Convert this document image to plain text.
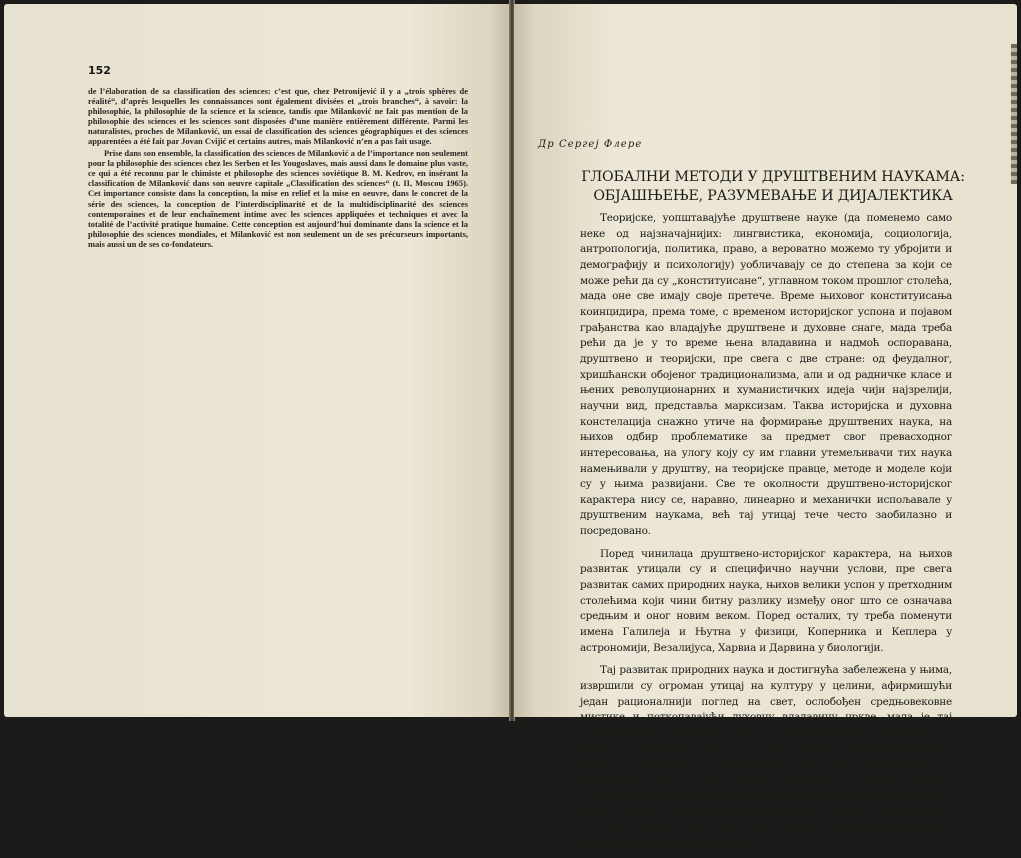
152

de l’élaboration de sa classification des sciences: c’est que, chez Petronijević il y a „trois sphères de réalité“, d’après lesquelles les connaissances sont également divisées et „trois branches“, à savoir: la philosophie, la philosophie de la science et la science, tandis que Milanković ne fait pas mention de la philosophie des sciences et les sciences sont disposées d’une manière entièrement différente. Parmi les naturalistes, proches de Milanković, un essai de classification des sciences géographiques et des sciences apparentées a été fait par Jovan Cvijić et certains autres, mais Milanković n’en a pas fait usage.

Prise dans son ensemble, la classification des sciences de Milanković a de l’importance non seulement pour la philosophie des sciences chez les Serben et les Yougoslaves, mais aussi dans le domaine plus vaste, ce qui a été reconnu par le chimiste et philosophe des sciences soviétique B. M. Kedrov, en insérant la classification de Milanković dans son oeuvre capitale „Classification des sciences“ (t. II, Moscou 1965). Cet importance consiste dans la conception, la mise en relief et la mise en oeuvre, dans le concret de la série des sciences, la conception de l’interdisciplinarité et de la multidisciplinarité des sciences contemporaines et de leur enchaînement intime avec les sciences appliquées et techniques et avec la totalité de l’activité pratique humaine. Cette conception est aujourd’hui dominante dans la science et la philosophie des sciences mondiales, et Milanković est non seulement un de ses précurseurs importants, mais aussi un de ses co-fondateurs.

Др Сергеј Флере
ГЛОБАЛНИ МЕТОДИ У ДРУШТВЕНИМ НАУКАМА:
ОБЈАШЊЕЊЕ, РАЗУМЕВАЊЕ И ДИЈАЛЕКТИКА

Теоријске, уопштавајуће друштвене науке (да поменемо само неке од најзначајнијих: лингвистика, економија, социологија, антропологија, политика, право, а вероватно можемо ту убројити и демографију и психологију) уобличавају се до степена за који се може рећи да су „конституисане“, углавном током прошлог столећа, мада оне све имају своје претече. Време њиховог конституисања коинцидира, према томе, с временом историјског успона и појавом грађанства као владајуће друштвене и духовне снаге, мада треба рећи да је у то време њена владавина и надмоћ оспоравана, друштвено и теоријски, пре свега с две стране: од феудалног, хришћански обојеног традиционализма, али и од радничке класе и њених револуционарних и хуманистичких идеја чији најзрелији, научни вид, представља марксизам. Таква историјска и духовна констелација снажно утиче на формирање друштвених наука, на њихов одбир проблематике за предмет свог превасходног интересовања, на улогу коју су им главни утемељивачи тих наука намењивали у друштву, на теоријске правце, методе и моделе који су у њима развијани. Све те околности друштвено-историјског карактера нису се, наравно, линеарно и механички испољавале у друштвеним наукама, већ тај утицај тече често заобилазно и посредовано.

Поред чинилаца друштвено-историјског карактера, на њихов развитак утицали су и специфично научни услови, пре свега развитак самих природних наука, њихов велики успон у претходним столећима који чини битну разлику између оног што се означава средњим и оног новим веком. Поред осталих, ту треба поменути имена Галилеја и Њутна у физици, Коперника и Кеплера у астрономији, Везалијуса, Харвиа и Дарвина у биологији.

Тај развитак природних наука и достигнућа забележена у њима, извршили су огроман утицај на културу у целини, афирмишући један рационалнији поглед на свет, ослобођен средњовековне мистике и поткопавајући духовну владавину цркве, мада је тај рационалнији поглед бивао често ограничен на инструменталност. Тиме су отворена и врата својеврсној негацији, антитези духовном стању забележеном у претходном периоду, сцијентизму као становишту које основну улогу у развитку и уређењу будућег друштва, не само њеног материјалног напретка већ и друштвених односа у њему, види у науци и научницима. Може се сматрати да је А. Сен Симон (H. Saint Simon) имао кључну улогу у ширењу идеје о темељној функцији науке у обли-
